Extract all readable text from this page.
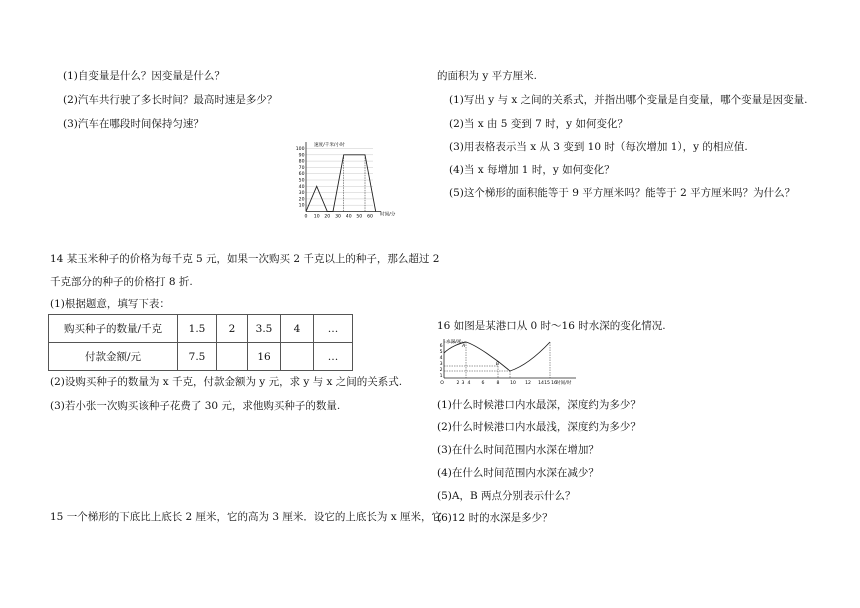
(1)自变量是什么？因变量是什么？
(2)汽车共行驶了多长时间？最高时速是多少？
(3)汽车在哪段时间保持匀速？
速度/千米/小时
100
90
80
70
60
50
40
30
20
10
0 10 20 30 40 50 60 时间/分
14 某玉米种子的价格为每千克 5 元，如果一次购买 2 千克以上的种子，那么超过 2
千克部分的种子的价格打 8 折.
(1)根据题意，填写下表：
购买种子的数量/千克	1.5	2	3.5	4	…
付款金额/元	7.5		16		…
(2)设购买种子的数量为 x 千克，付款金额为 y 元，求 y 与 x 之间的关系式.
(3)若小张一次购买该种子花费了 30 元，求他购买种子的数量.
15 一个梯形的下底比上底长 2 厘米，它的高为 3 厘米．设它的上底长为 x 厘米，它
的面积为 y 平方厘米.
(1)写出 y 与 x 之间的关系式，并指出哪个变量是自变量，哪个变量是因变量.
(2)当 x 由 5 变到 7 时，y 如何变化？
(3)用表格表示当 x 从 3 变到 10 时（每次增加 1），y 的相应值.
(4)当 x 每增加 1 时，y 如何变化？
(5)这个梯形的面积能等于 9 平方厘米吗？能等于 2 平方厘米吗？为什么？
16 如图是某港口从 0 时～16 时水深的变化情况.
水深/米
A
B
6
5
4
3
2
1
O	2 3 4 6	8 10 12 14 15 16 时间/时
(1)什么时候港口内水最深，深度约为多少？
(2)什么时候港口内水最浅，深度约为多少？
(3)在什么时间范围内水深在增加？
(4)在什么时间范围内水深在减少？
(5)A，B 两点分别表示什么？
(6)12 时的水深是多少？
